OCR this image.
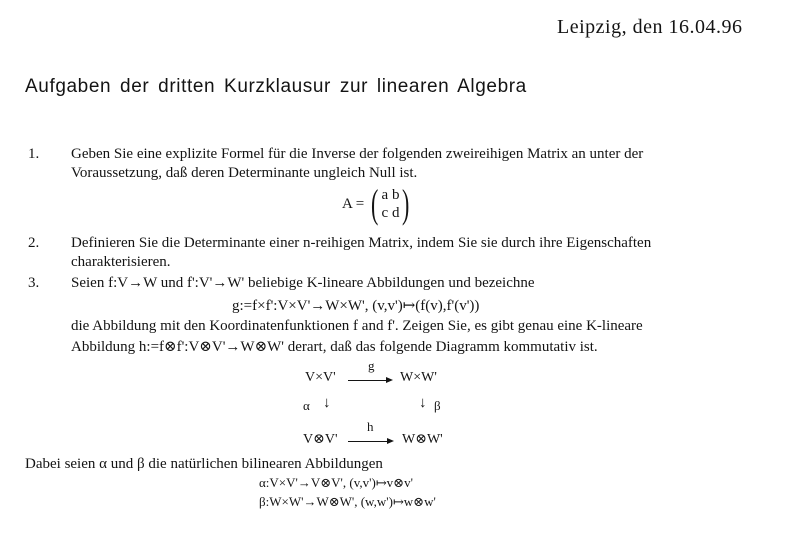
Leipzig, den 16.04.96
Aufgaben der dritten Kurzklausur zur linearen Algebra
1. Geben Sie eine explizite Formel für die Inverse der folgenden zweireihigen Matrix an unter der
Voraussetzung, daß deren Determinante ungleich Null ist.
A = ( a b
c d )
2. Definieren Sie die Determinante einer n-reihigen Matrix, indem Sie sie durch ihre Eigenschaften
charakterisieren.
3. Seien f:V→W und f':V'→W' beliebige K-lineare Abbildungen und bezeichne
g:=f×f':V×V'→W×W', (v,v')↦(f(v),f'(v'))
die Abbildung mit den Koordinatenfunktionen f and f'. Zeigen Sie, es gibt genau eine K-lineare
Abbildung h:=f⊗f':V⊗V'→W⊗W' derart, daß das folgende Diagramm kommutativ ist.
V×V'
g
W×W'
α ↓	↓ β
V⊗V'
h
W⊗W'
Dabei seien α und β die natürlichen bilinearen Abbildungen
α:V×V'→V⊗V', (v,v')↦v⊗v'
β:W×W'→W⊗W', (w,w')↦w⊗w'
